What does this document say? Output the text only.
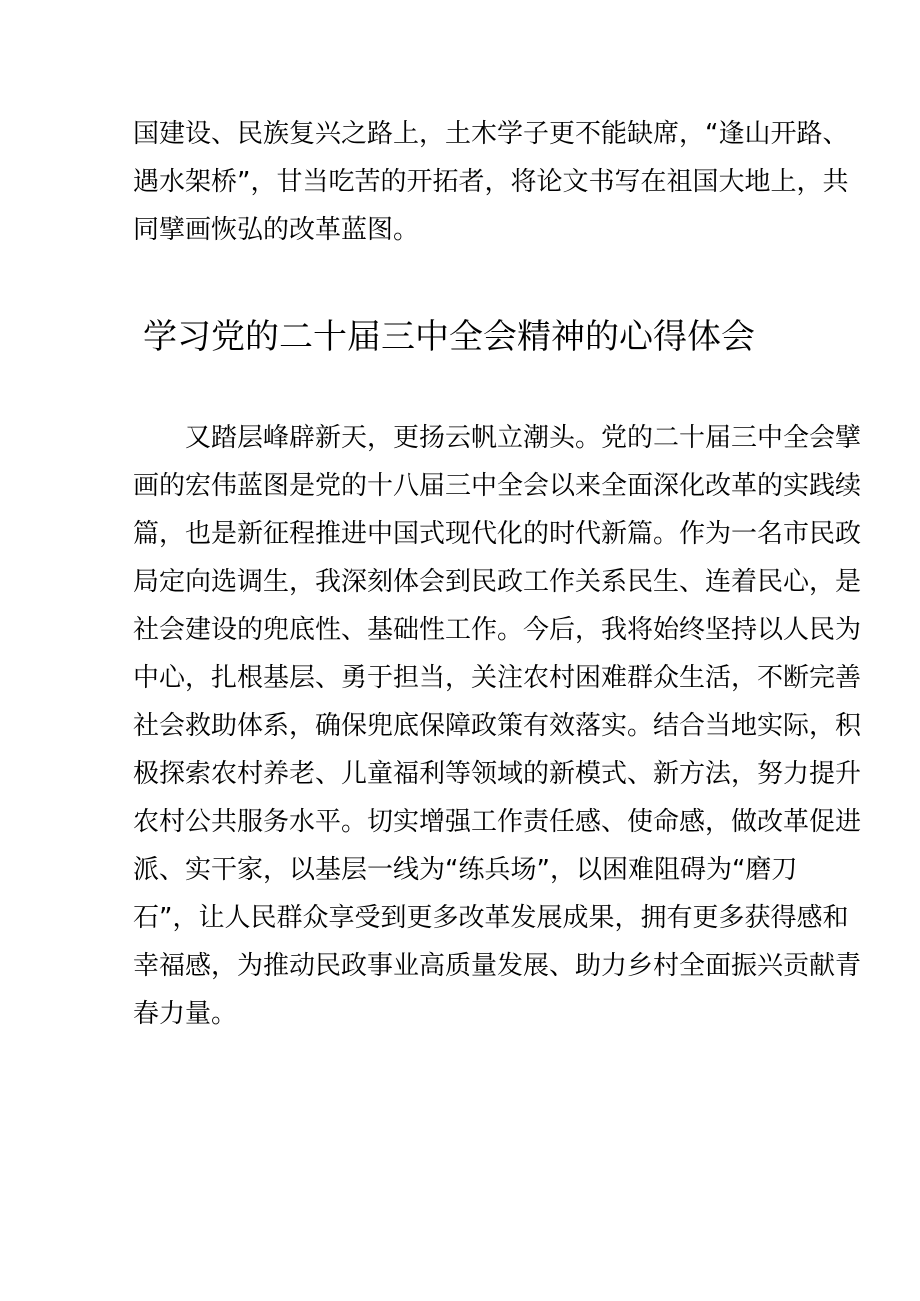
国建设、民族复兴之路上，土木学子更不能缺席，“逢山开路、
遇水架桥”，甘当吃苦的开拓者，将论文书写在祖国大地上，共
同擘画恢弘的改革蓝图。
学习党的二十届三中全会精神的心得体会
又踏层峰辟新天，更扬云帆立潮头。党的二十届三中全会擘
画的宏伟蓝图是党的十八届三中全会以来全面深化改革的实践续
篇，也是新征程推进中国式现代化的时代新篇。作为一名市民政
局定向选调生，我深刻体会到民政工作关系民生、连着民心，是
社会建设的兜底性、基础性工作。今后，我将始终坚持以人民为
中心，扎根基层、勇于担当，关注农村困难群众生活，不断完善
社会救助体系，确保兜底保障政策有效落实。结合当地实际，积
极探索农村养老、儿童福利等领域的新模式、新方法，努力提升
农村公共服务水平。切实增强工作责任感、使命感，做改革促进
派、实干家，以基层一线为“练兵场”，以困难阻碍为“磨刀
石”，让人民群众享受到更多改革发展成果，拥有更多获得感和
幸福感，为推动民政事业高质量发展、助力乡村全面振兴贡献青
春力量。
